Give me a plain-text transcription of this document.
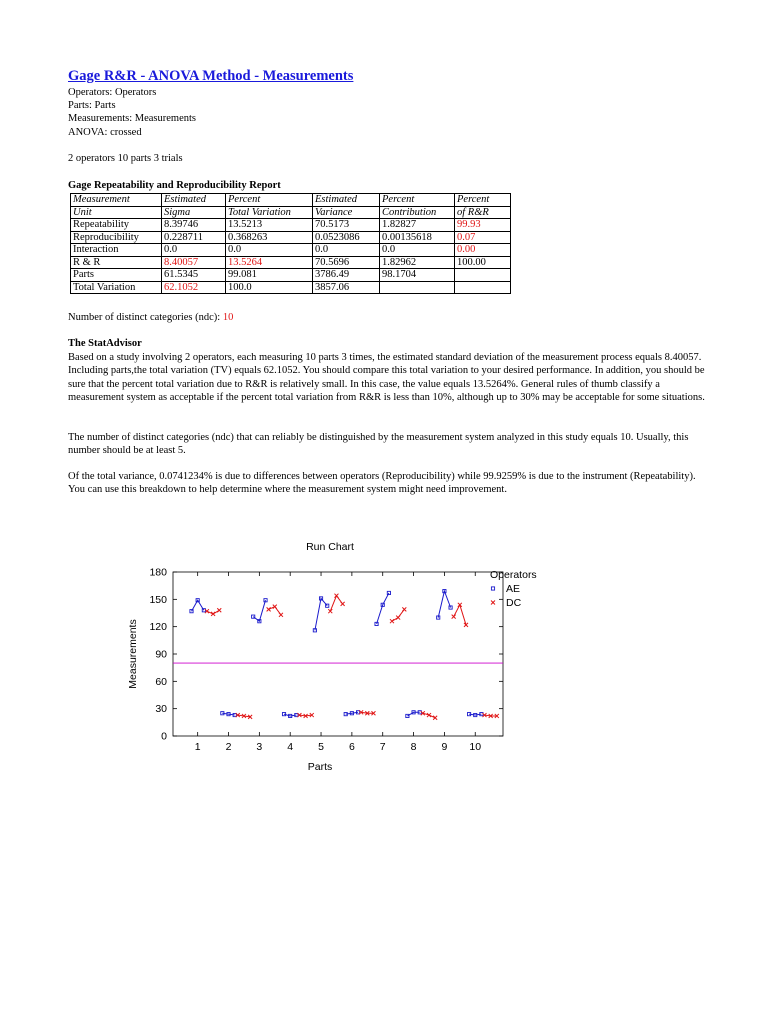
Gage R&R - ANOVA Method - Measurements
Operators: Operators
Parts: Parts
Measurements: Measurements
ANOVA: crossed
2 operators 10 parts 3 trials
Gage Repeatability and Reproducibility Report
Measurement	Estimated	Percent	Estimated	Percent	Percent
Unit	Sigma	Total Variation	Variance	Contribution	of R&R
Repeatability	8.39746	13.5213	70.5173	1.82827	99.93
Reproducibility	0.228711	0.368263	0.0523086	0.00135618	0.07
Interaction	0.0	0.0	0.0	0.0	0.00
R & R	8.40057	13.5264	70.5696	1.82962	100.00
Parts	61.5345	99.081	3786.49	98.1704	
Total Variation	62.1052	100.0	3857.06		
Number of distinct categories (ndc): 10
The StatAdvisor
Based on a study involving 2 operators, each measuring 10 parts 3 times, the estimated standard deviation of the measurement process equals 8.40057. Including parts,the total variation (TV) equals 62.1052. You should compare this total variation to your desired performance. In addition, you should be sure that the percent total variation due to R&R is relatively small. In this case, the value equals 13.5264%. General rules of thumb classify a measurement system as acceptable if the percent total variation from R&R is less than 10%, although up to 30% may be acceptable for some situations.
The number of distinct categories (ndc) that can reliably be distinguished by the measurement system analyzed in this study equals 10. Usually, this number should be at least 5.
Of the total variance, 0.0741234% is due to differences between operators (Reproducibility) while 99.9259% is due to the instrument (Repeatability). You can use this breakdown to help determine where the measurement system might need improvement.
Run Chart
0
30
60
90
120
150
180
1 2 3 4 5 6 7 8 9 10
Measurements
Parts
Operators
AE
DC
